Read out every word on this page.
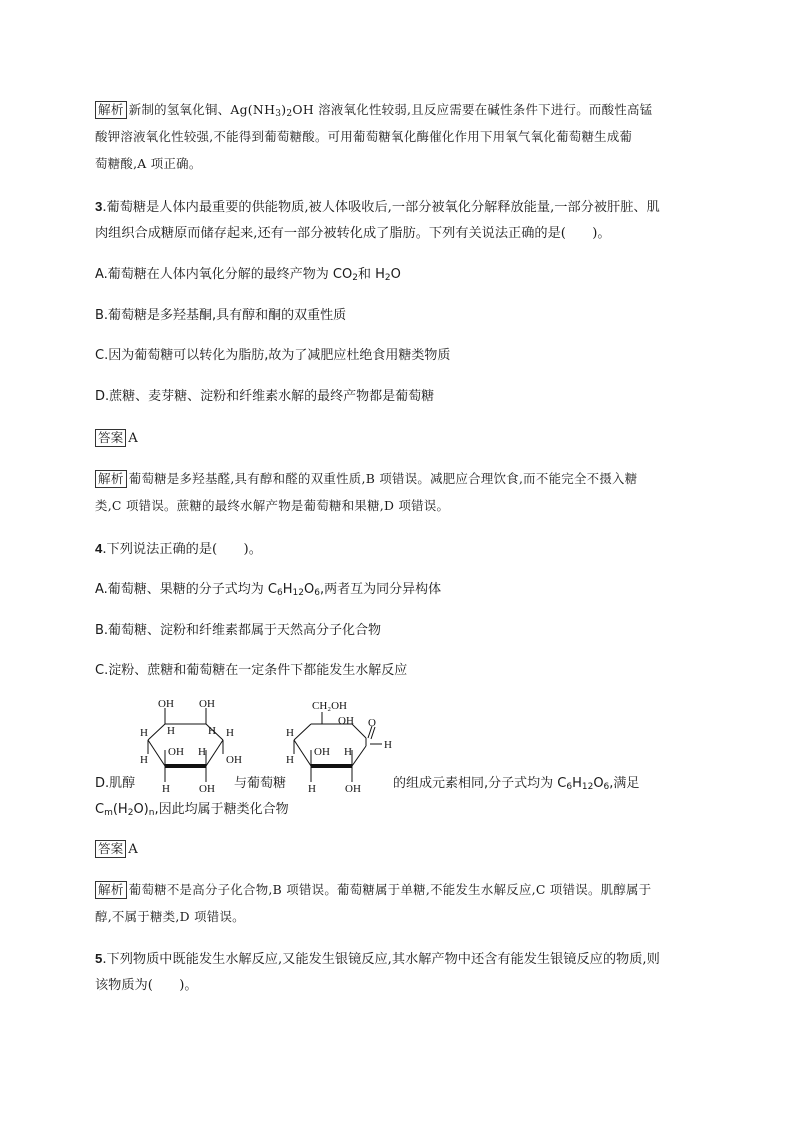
解析 新制的氢氧化铜、$Ag(NH_3)_2OH$ 溶液氧化性较弱,且反应需要在碱性条件下进行。而酸性高锰
酸钾溶液氧化性较强,不能得到葡萄糖酸。可用葡萄糖氧化酶催化作用下用氧气氧化葡萄糖生成葡
萄糖酸,A 项正确。
3.葡萄糖是人体内最重要的供能物质,被人体吸收后,一部分被氧化分解释放能量,一部分被肝脏、肌
肉组织合成糖原而储存起来,还有一部分被转化成了脂肪。下列有关说法正确的是(　　)。
A.葡萄糖在人体内氧化分解的最终产物为 $CO_2$和 $H_2O$
B.葡萄糖是多羟基酮,具有醇和酮的双重性质
C.因为葡萄糖可以转化为脂肪,故为了减肥应杜绝食用糖类物质
D.蔗糖、麦芽糖、淀粉和纤维素水解的最终产物都是葡萄糖
答案 A
解析 葡萄糖是多羟基醛,具有醇和醛的双重性质,B 项错误。减肥应合理饮食,而不能完全不摄入糖
类,C 项错误。蔗糖的最终水解产物是葡萄糖和果糖,D 项错误。
4.下列说法正确的是(　　)。
A.葡萄糖、果糖的分子式均为 $C_6H_{12}O_6$,两者互为同分异构体
B.葡萄糖、淀粉和纤维素都属于天然高分子化合物
C.淀粉、蔗糖和葡萄糖在一定条件下都能发生水解反应
OH OH
H	H
H	H
OH H
H	OH
H	OH
CH₂OH
OH O
H
H
H
OH H
H	OH
D.肌醇	与葡萄糖	的组成元素相同,分子式均为 $C_6H_{12}O_6$,满足
$C_m(H_2O)_n$,因此均属于糖类化合物
答案 A
解析 葡萄糖不是高分子化合物,B 项错误。葡萄糖属于单糖,不能发生水解反应,C 项错误。肌醇属于
醇,不属于糖类,D 项错误。
5.下列物质中既能发生水解反应,又能发生银镜反应,其水解产物中还含有能发生银镜反应的物质,则
该物质为(　　)。
